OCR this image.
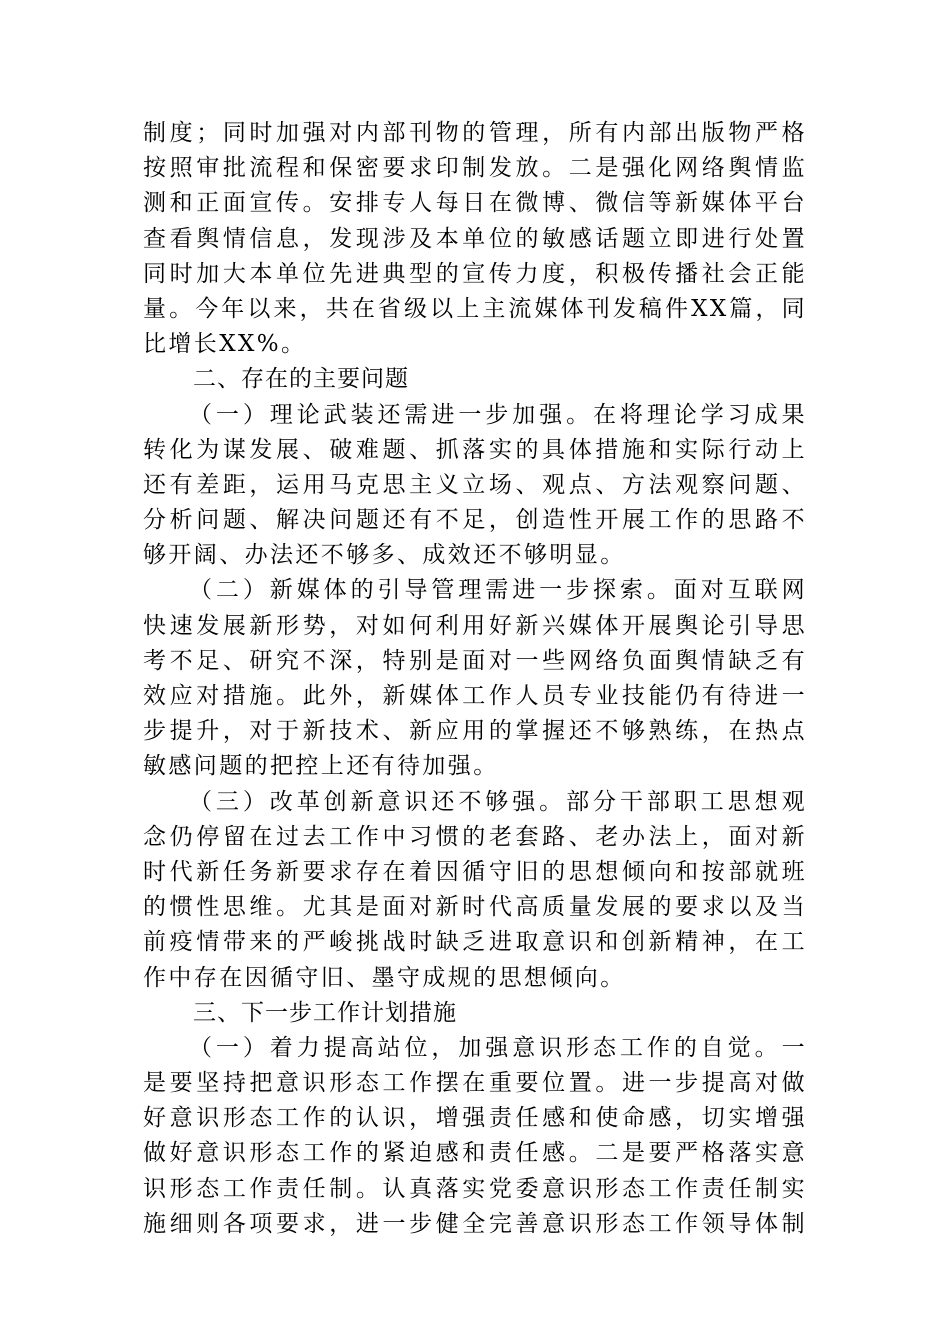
制度；同时加强对内部刊物的管理，所有内部出版物严格
按照审批流程和保密要求印制发放。二是强化网络舆情监
测和正面宣传。安排专人每日在微博、微信等新媒体平台
查看舆情信息，发现涉及本单位的敏感话题立即进行处置
同时加大本单位先进典型的宣传力度，积极传播社会正能
量。今年以来，共在省级以上主流媒体刊发稿件XX篇，同
比增长XX%。
二、存在的主要问题
（一）理论武装还需进一步加强。在将理论学习成果
转化为谋发展、破难题、抓落实的具体措施和实际行动上
还有差距，运用马克思主义立场、观点、方法观察问题、
分析问题、解决问题还有不足，创造性开展工作的思路不
够开阔、办法还不够多、成效还不够明显。
（二）新媒体的引导管理需进一步探索。面对互联网
快速发展新形势，对如何利用好新兴媒体开展舆论引导思
考不足、研究不深，特别是面对一些网络负面舆情缺乏有
效应对措施。此外，新媒体工作人员专业技能仍有待进一
步提升，对于新技术、新应用的掌握还不够熟练，在热点
敏感问题的把控上还有待加强。
（三）改革创新意识还不够强。部分干部职工思想观
念仍停留在过去工作中习惯的老套路、老办法上，面对新
时代新任务新要求存在着因循守旧的思想倾向和按部就班
的惯性思维。尤其是面对新时代高质量发展的要求以及当
前疫情带来的严峻挑战时缺乏进取意识和创新精神，在工
作中存在因循守旧、墨守成规的思想倾向。
三、下一步工作计划措施
（一）着力提高站位，加强意识形态工作的自觉。一
是要坚持把意识形态工作摆在重要位置。进一步提高对做
好意识形态工作的认识，增强责任感和使命感，切实增强
做好意识形态工作的紧迫感和责任感。二是要严格落实意
识形态工作责任制。认真落实党委意识形态工作责任制实
施细则各项要求，进一步健全完善意识形态工作领导体制
